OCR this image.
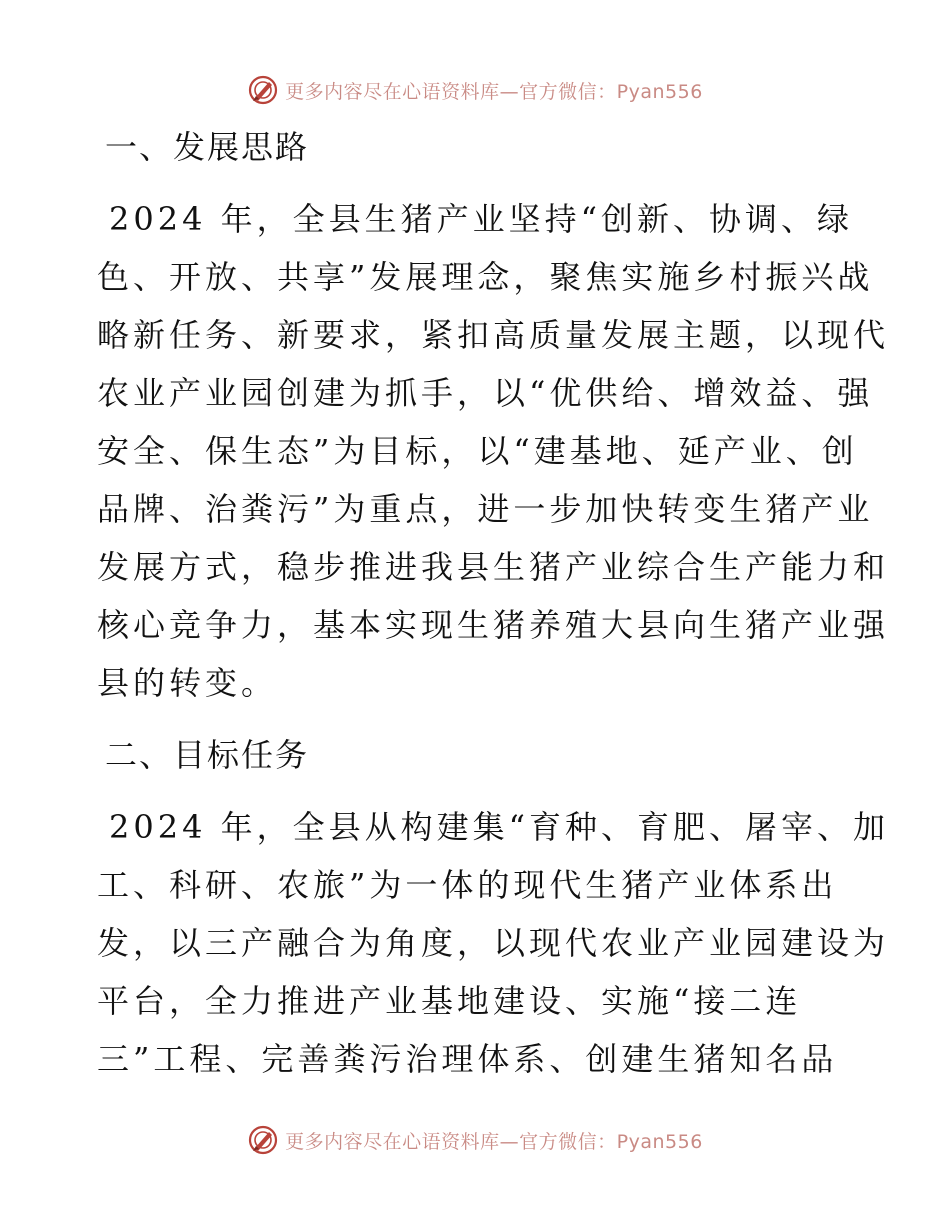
更多内容尽在心语资料库—官方微信：Pyan556
一、发展思路

2024 年，全县生猪产业坚持“创新、协调、绿
色、开放、共享”发展理念，聚焦实施乡村振兴战
略新任务、新要求，紧扣高质量发展主题，以现代
农业产业园创建为抓手，以“优供给、增效益、强
安全、保生态”为目标，以“建基地、延产业、创
品牌、治粪污”为重点，进一步加快转变生猪产业
发展方式，稳步推进我县生猪产业综合生产能力和
核心竞争力，基本实现生猪养殖大县向生猪产业强
县的转变。

二、目标任务

2024 年，全县从构建集“育种、育肥、屠宰、加
工、科研、农旅”为一体的现代生猪产业体系出
发，以三产融合为角度，以现代农业产业园建设为
平台，全力推进产业基地建设、实施“接二连
三”工程、完善粪污治理体系、创建生猪知名品

更多内容尽在心语资料库—官方微信：Pyan556
